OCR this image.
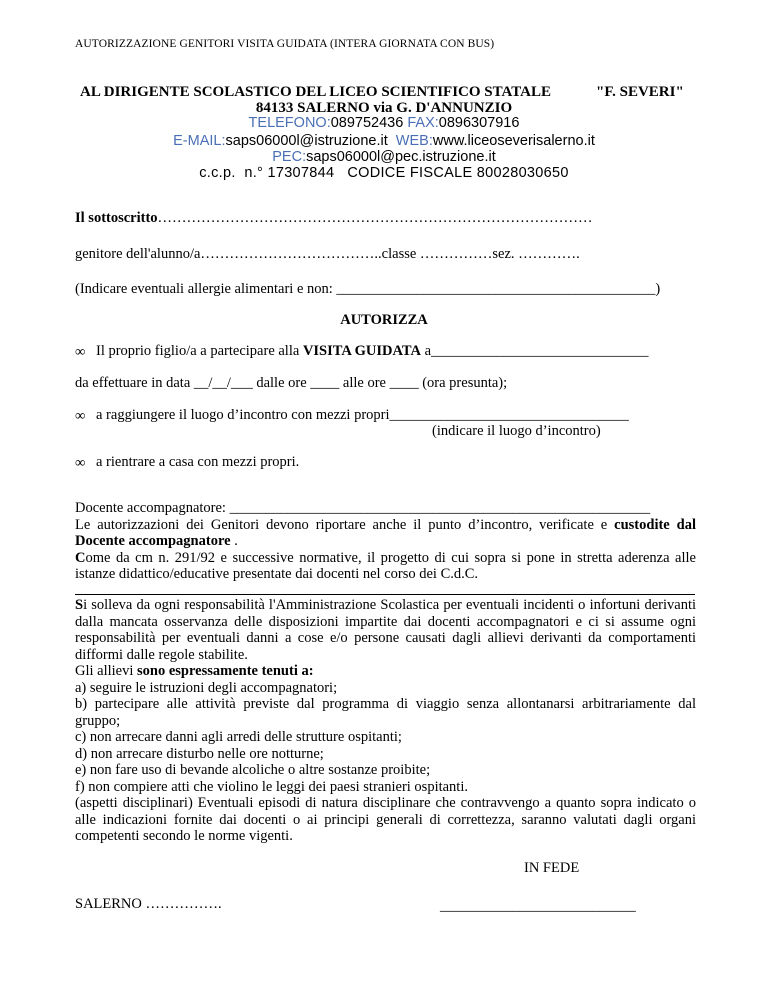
AUTORIZZAZIONE GENITORI VISITA GUIDATA (INTERA GIORNATA CON BUS)
AL DIRIGENTE SCOLASTICO DEL LICEO SCIENTIFICO STATALE	"F. SEVERI"
84133 SALERNO via G. D'ANNUNZIO
TELEFONO:089752436 FAX:0896307916
E-MAIL:saps06000l@istruzione.it  WEB:www.liceoseverisalerno.it
PEC:saps06000l@pec.istruzione.it
c.c.p.  n.° 17307844   CODICE FISCALE 80028030650
Il sottoscritto………………………………………………………………………………
genitore dell'alunno/a………………………………..classe ……………sez. ………….
(Indicare eventuali allergie alimentari e non: ____________________________________________)
AUTORIZZA
∞ Il proprio figlio/a a partecipare alla VISITA GUIDATA a______________________________
da effettuare in data __/__/___ dalle ore ____ alle ore ____ (ora presunta);
∞ a raggiungere il luogo d’incontro con mezzi propri_________________________________
(indicare il luogo d’incontro)
∞ a rientrare a casa con mezzi propri.
Docente accompagnatore: __________________________________________________________
Le autorizzazioni dei Genitori devono riportare anche il punto d’incontro, verificate e custodite dal Docente accompagnatore .
Come da cm n. 291/92 e successive normative, il progetto di cui sopra si pone in stretta aderenza alle istanze didattico/educative presentate dai docenti nel corso dei C.d.C.
Si solleva da ogni responsabilità l'Amministrazione Scolastica per eventuali incidenti o infortuni derivanti dalla mancata osservanza delle disposizioni impartite dai docenti accompagnatori e ci si assume ogni responsabilità per eventuali danni a cose e/o persone causati dagli allievi derivanti da comportamenti difformi dalle regole stabilite.
Gli allievi sono espressamente tenuti a:

a) seguire le istruzioni degli accompagnatori;

b) partecipare alle attività previste dal programma di viaggio senza allontanarsi arbitrariamente dal gruppo;

c) non arrecare danni agli arredi delle strutture ospitanti;

d) non arrecare disturbo nelle ore notturne;

e) non fare uso di bevande alcoliche o altre sostanze proibite;

f) non compiere atti che violino le leggi dei paesi stranieri ospitanti.

(aspetti disciplinari) Eventuali episodi di natura disciplinare che contravvengo a quanto sopra indicato o alle indicazioni fornite dai docenti o ai principi generali di correttezza, saranno valutati dagli organi competenti secondo le norme vigenti.
IN FEDE
SALERNO …………….	___________________________
